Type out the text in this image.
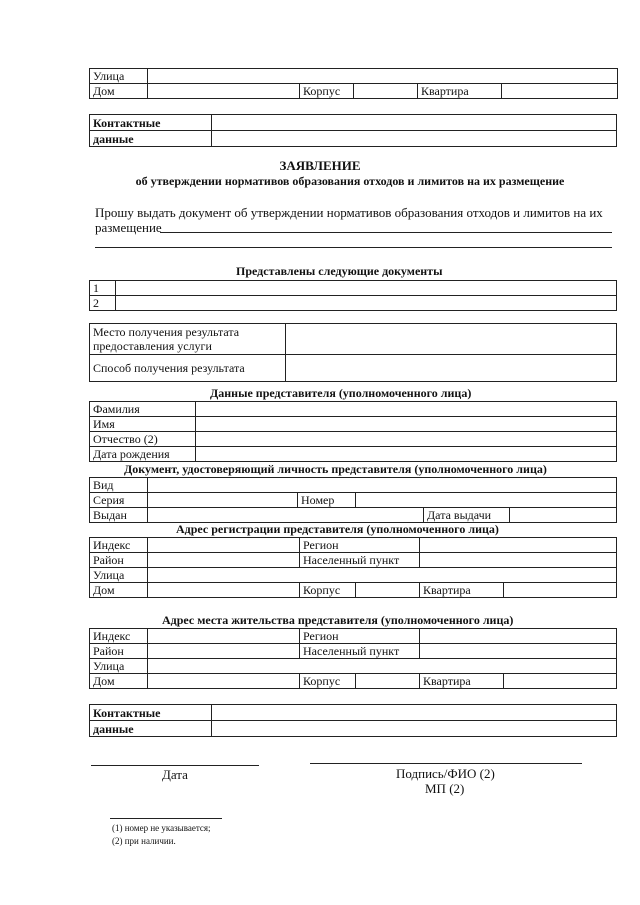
Улица					
Дом		Корпус		Квартира	
Контактные	
данные	
ЗАЯВЛЕНИЕ
об утверждении нормативов образования отходов и лимитов на их размещение
Прошу выдать документ об утверждении нормативов образования отходов и лимитов на их
размещение
Представлены следующие документы
1	
2	
Место получения результата
предоставления услуги	
Способ получения результата	
Данные представителя (уполномоченного лица)
Фамилия	
Имя	
Отчество (2)	
Дата рождения	
Документ, удостоверяющий личность представителя (уполномоченного лица)
Вид					
Серия		Номер			
Выдан				Дата выдачи	
Адрес регистрации представителя (уполномоченного лица)
Индекс		Регион			
Район		Населенный пункт			
Улица					
Дом		Корпус		Квартира	
Адрес места жительства представителя (уполномоченного лица)
Индекс		Регион			
Район		Населенный пункт			
Улица					
Дом		Корпус		Квартира	
Контактные	
данные	
Дата	Подпись/ФИО (2)
МП (2)
(1) номер не указывается;
(2) при наличии.
